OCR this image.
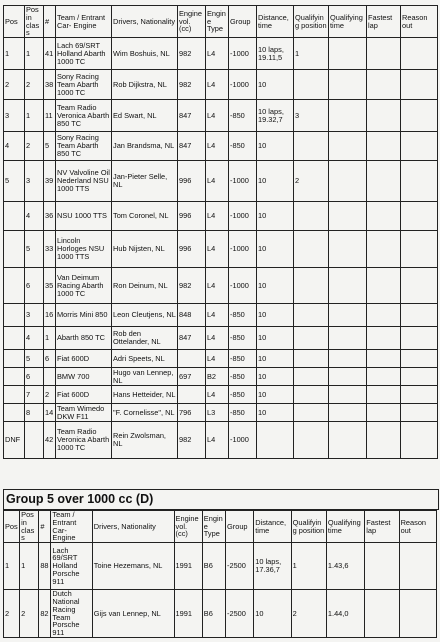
Pos	Pos in class	#	Team / Entrant Car- Engine	Drivers, Nationality	Engine vol. (cc)	Engine Type	Group	Distance, time	Qualifying position	Qualifying time	Fastest lap	Reason out
1	1	41	Lach 69/SRT Holland Abarth 1000 TC	Wim Boshuis, NL	982	L4	-1000	10 laps, 19.11,5	1			
2	2	38	Sony Racing Team Abarth 1000 TC	Rob Dijkstra, NL	982	L4	-1000	10				
3	1	11	Team Radio Veronica Abarth 850 TC	Ed Swart, NL	847	L4	-850	10 laps, 19.32,7	3			
4	2	5	Sony Racing Team Abarth 850 TC	Jan Brandsma, NL	847	L4	-850	10				
5	3	39	NV Valvoline Oil Nederland NSU 1000 TTS	Jan-Pieter Selle, NL	996	L4	-1000	10	2			
	4	36	NSU 1000 TTS	Tom Coronel, NL	996	L4	-1000	10				
	5	33	Lincoln Horloges NSU 1000 TTS	Hub Nijsten, NL	996	L4	-1000	10				
	6	35	Van Deimum Racing Abarth 1000 TC	Ron Deinum, NL	982	L4	-1000	10				
	3	16	Morris Mini 850	Leon Cleutjens, NL	848	L4	-850	10				
	4	1	Abarth 850 TC	Rob den Ottelander, NL	847	L4	-850	10				
	5	6	Fiat 600D	Adri Speets, NL		L4	-850	10				
	6		BMW 700	Hugo van Lennep, NL	697	B2	-850	10				
	7	2	Fiat 600D	Hans Hetteider, NL		L4	-850	10				
	8	14	Team Wimedo DKW F11	"F. Cornelisse", NL	796	L3	-850	10				
DNF		42	Team Radio Veronica Abarth 1000 TC	Rein Zwolsman, NL	982	L4	-1000					
Group 5 over 1000 cc (D)
Pos	Pos in class	#	Team / Entrant Car- Engine	Drivers, Nationality	Engine vol. (cc)	Engine Type	Group	Distance, time	Qualifying position	Qualifying time	Fastest lap	Reason out
1	1	88	Lach 69/SRT Holland Porsche 911	Toine Hezemans, NL	1991	B6	-2500	10 laps, 17.36,7	1	1.43,6		
2	2	82	Dutch National Racing Team Porsche 911	Gijs van Lennep, NL	1991	B6	-2500	10	2	1.44,0		
